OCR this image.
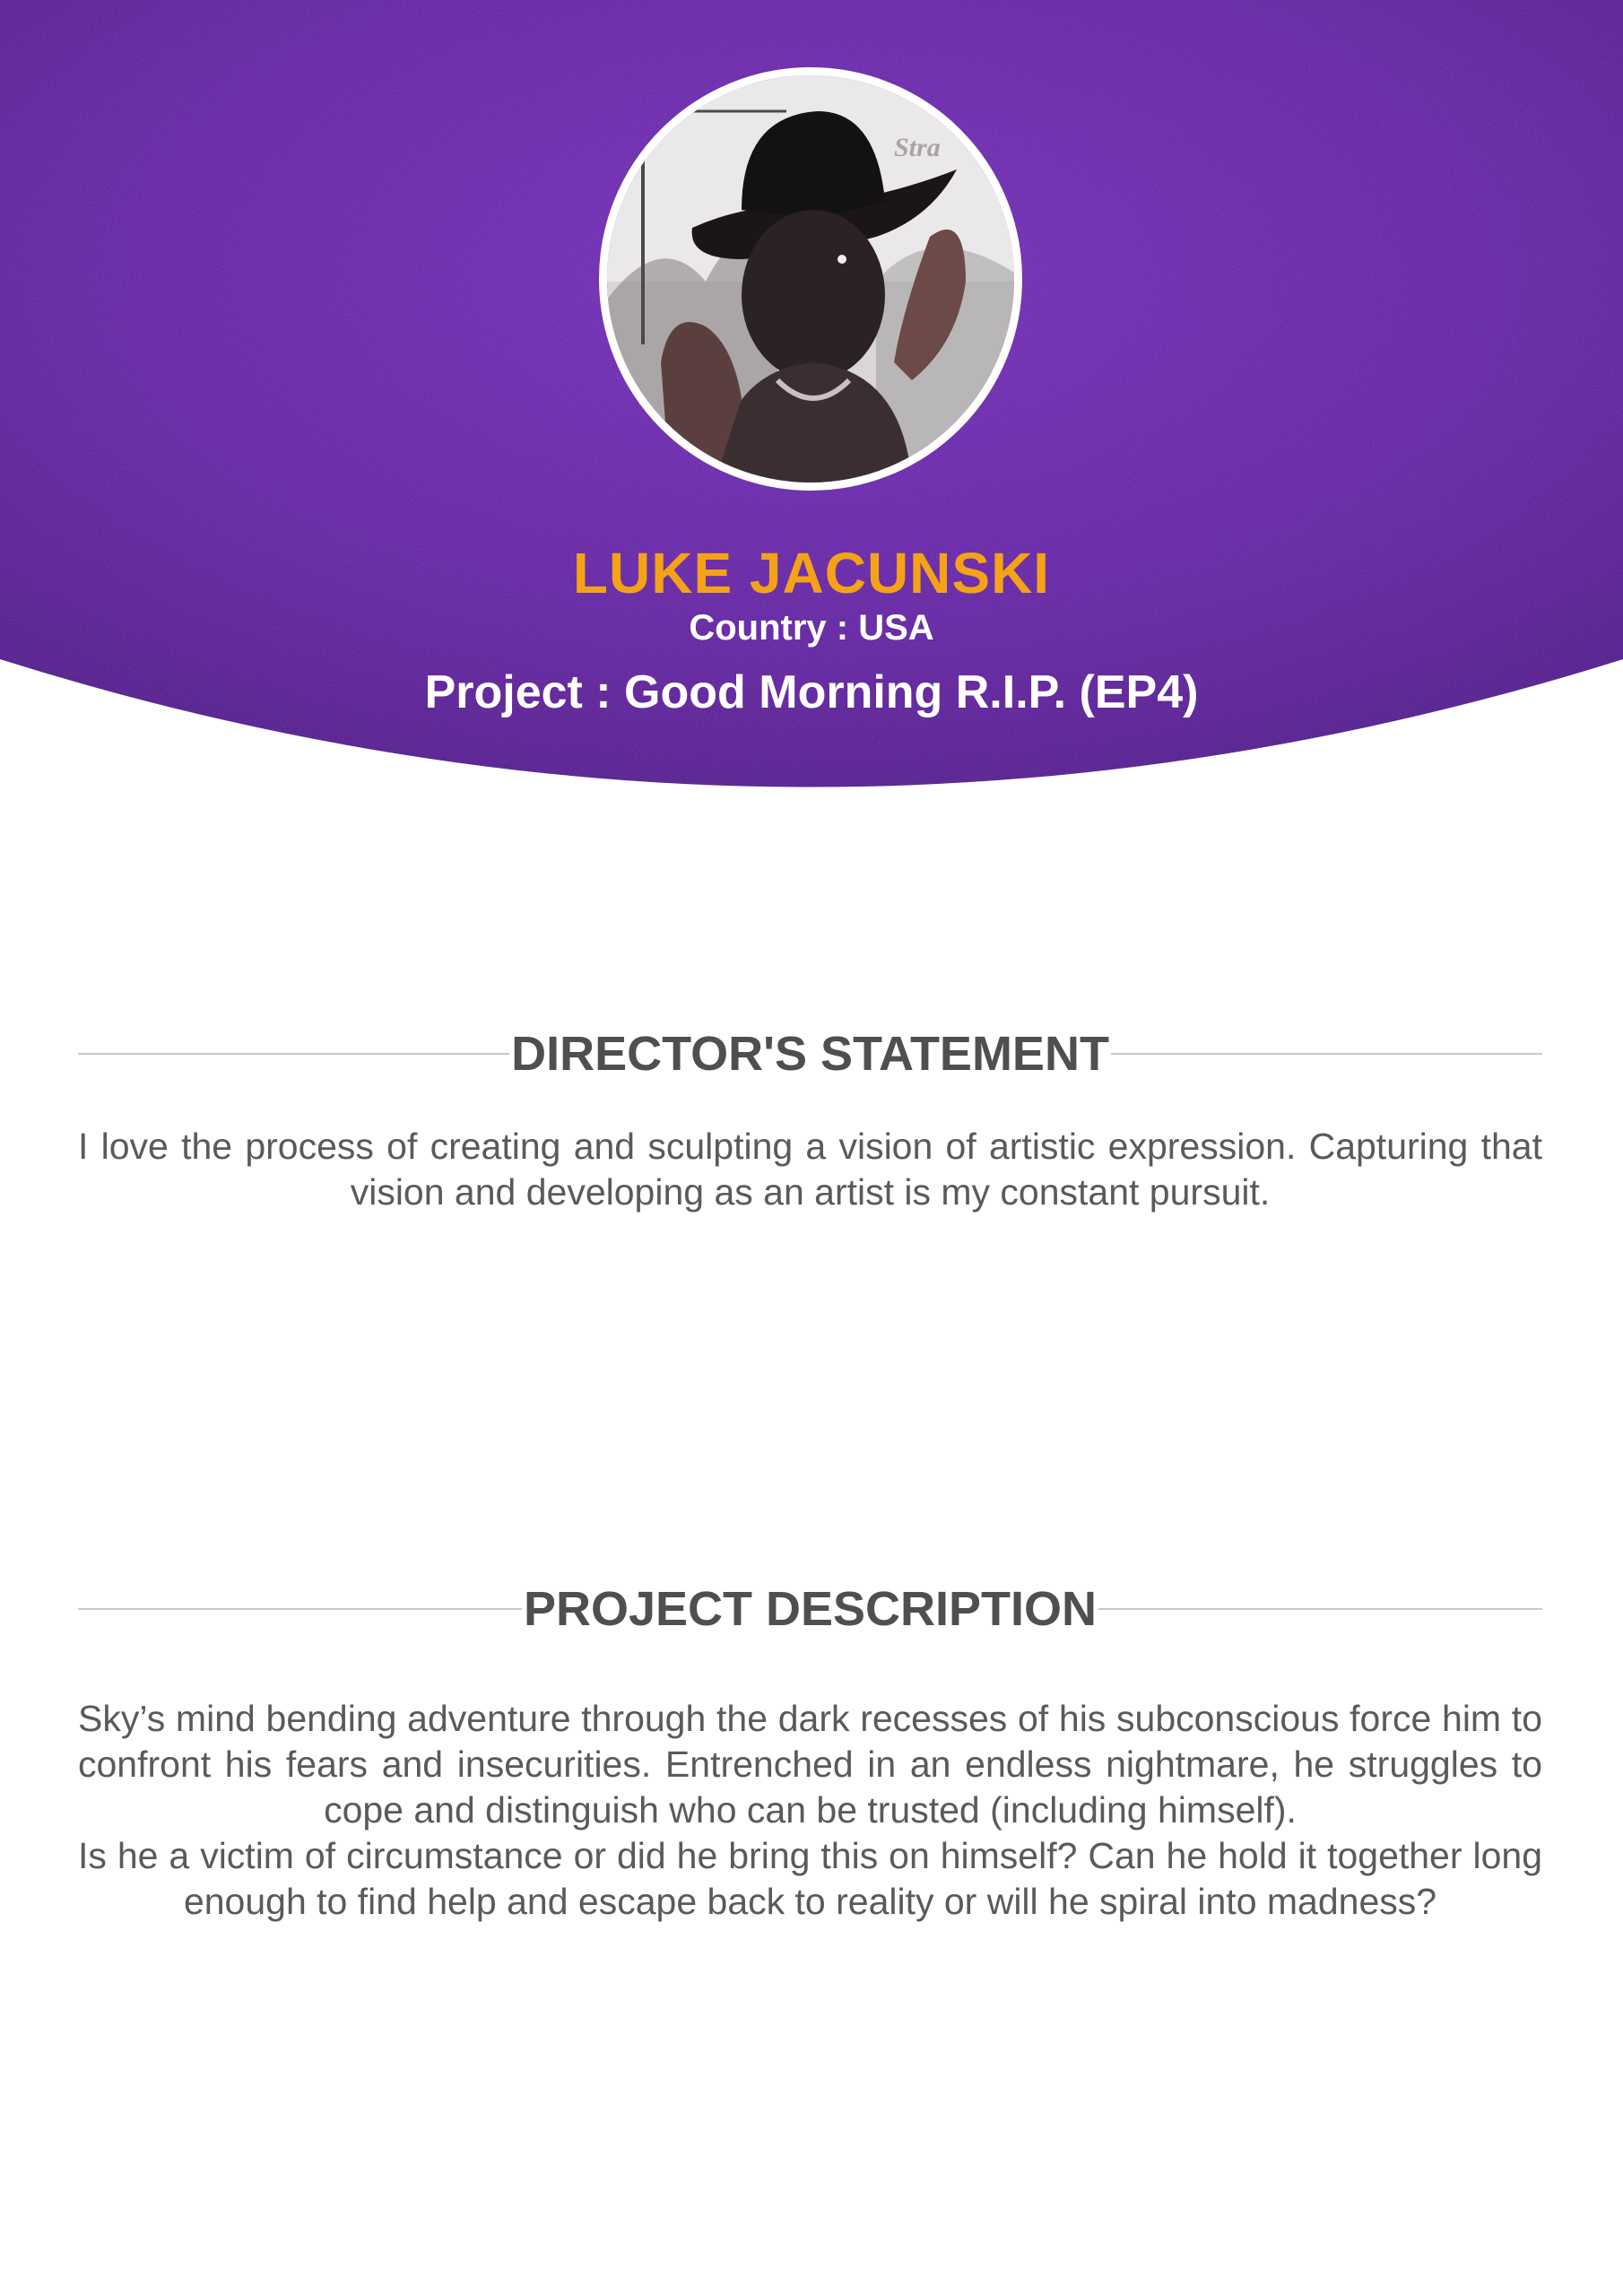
Stra
LUKE JACUNSKI
Country : USA
Project : Good Morning R.I.P. (EP4)
DIRECTOR'S STATEMENT

I love the process of creating and sculpting a vision of artistic expression. Capturing that vision and developing as an artist is my constant pursuit.

PROJECT DESCRIPTION

Sky’s mind bending adventure through the dark recesses of his subconscious force him to confront his fears and insecurities. Entrenched in an endless nightmare, he struggles to cope and distinguish who can be trusted (including himself).

Is he a victim of circumstance or did he bring this on himself? Can he hold it together long enough to find help and escape back to reality or will he spiral into madness?
